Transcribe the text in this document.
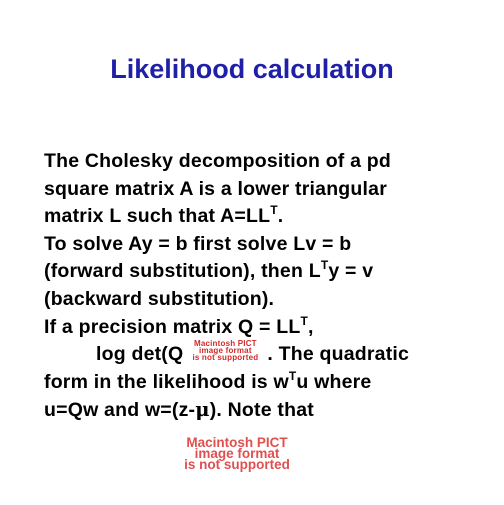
Likelihood calculation
The Cholesky decomposition of a pd
square matrix A is a lower triangular
matrix L such that $A=LL^T$.
To solve Ay = b first solve Lv = b
(forward substitution), then $L^Ty = v$
(backward substitution).
If a precision matrix $Q = LL^T$,
log det(Q Macintosh PICT
image format
is not supported . The quadratic
form in the likelihood is $w^Tu$ where
u=Qw and w=(z-μ). Note that
Macintosh PICT
image format
is not supported
